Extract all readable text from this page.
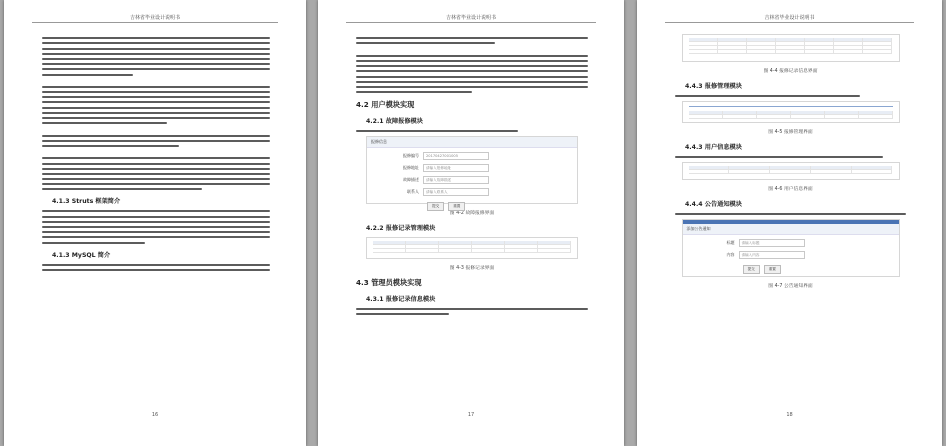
吉林省毕业设计说明书
4.1.3 Struts 框架简介
4.1.3 MySQL 简介
16
吉林省毕业设计说明书
4.2 用户模块实现
4.2.1 故障报修模块
报修信息
报修编号	20170427001005
报修地址	请输入报修地址
故障描述	请输入故障描述
联系人	请输入联系人
提交	重置
图 4-2 故障报修界面
4.2.2 报修记录管理模块
图 4-3 报修记录界面
4.3 管理员模块实现
4.3.1 报修记录信息模块
17
吉林省毕业设计说明书
图 4-4 报修记录信息界面
4.4.3 报修管理模块
图 4-5 报修管理界面
4.4.3 用户信息模块
图 4-6 用户信息界面
4.4.4 公告通知模块
添加公告通知
标题	请输入标题
内容	请输入内容
提交	重置
图 4-7 公告通知界面
18
